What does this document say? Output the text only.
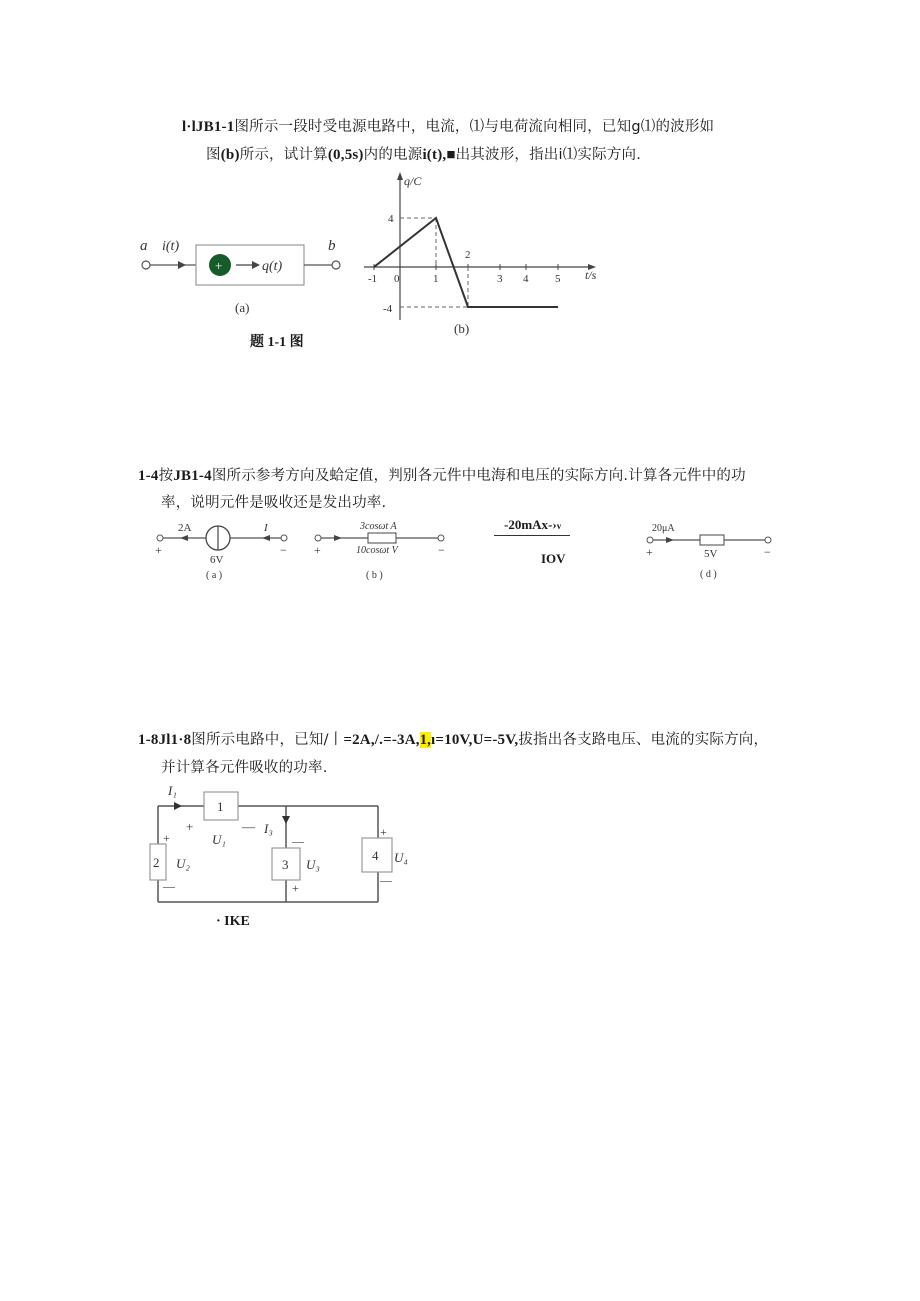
l·lJB1-1图所示一段时受电源电路中，电流，⑴与电荷流向相同，已知g⑴的波形如
图(b)所示，试计算(0,5s)内的电源i(t),■出其波形，指出i⑴实际方向.
a i(t)
+	q(t)
b
(a)
q/C
t/s
-1 0	1
2
3 4 5
4
-4
(b)
题 1-1 图
1-4按JB1-4图所示参考方向及蛤定值，判别各元件中电海和电压的实际方向.计算各元件中的功
率，说明元件是吸收还是发出功率.
2A	I
+	−
6V
( a )
3cosωt A
+	−
10cosωt V
( b )
-20mAx-›v
IOV
20μA
+	−
5V
( d )
1-8Jl1·8图所示电路中，已知/丨=2A,/.=-3A,1,ı=10V,U=-5V,拔指出各支路电压、电流的实际方向，
并计算各元件吸收的功率.
I₁
I₃
1
+	—
U₁
2
+
—
U₂	3
—
+
U₃
4
+
—
U₄
· IKE
